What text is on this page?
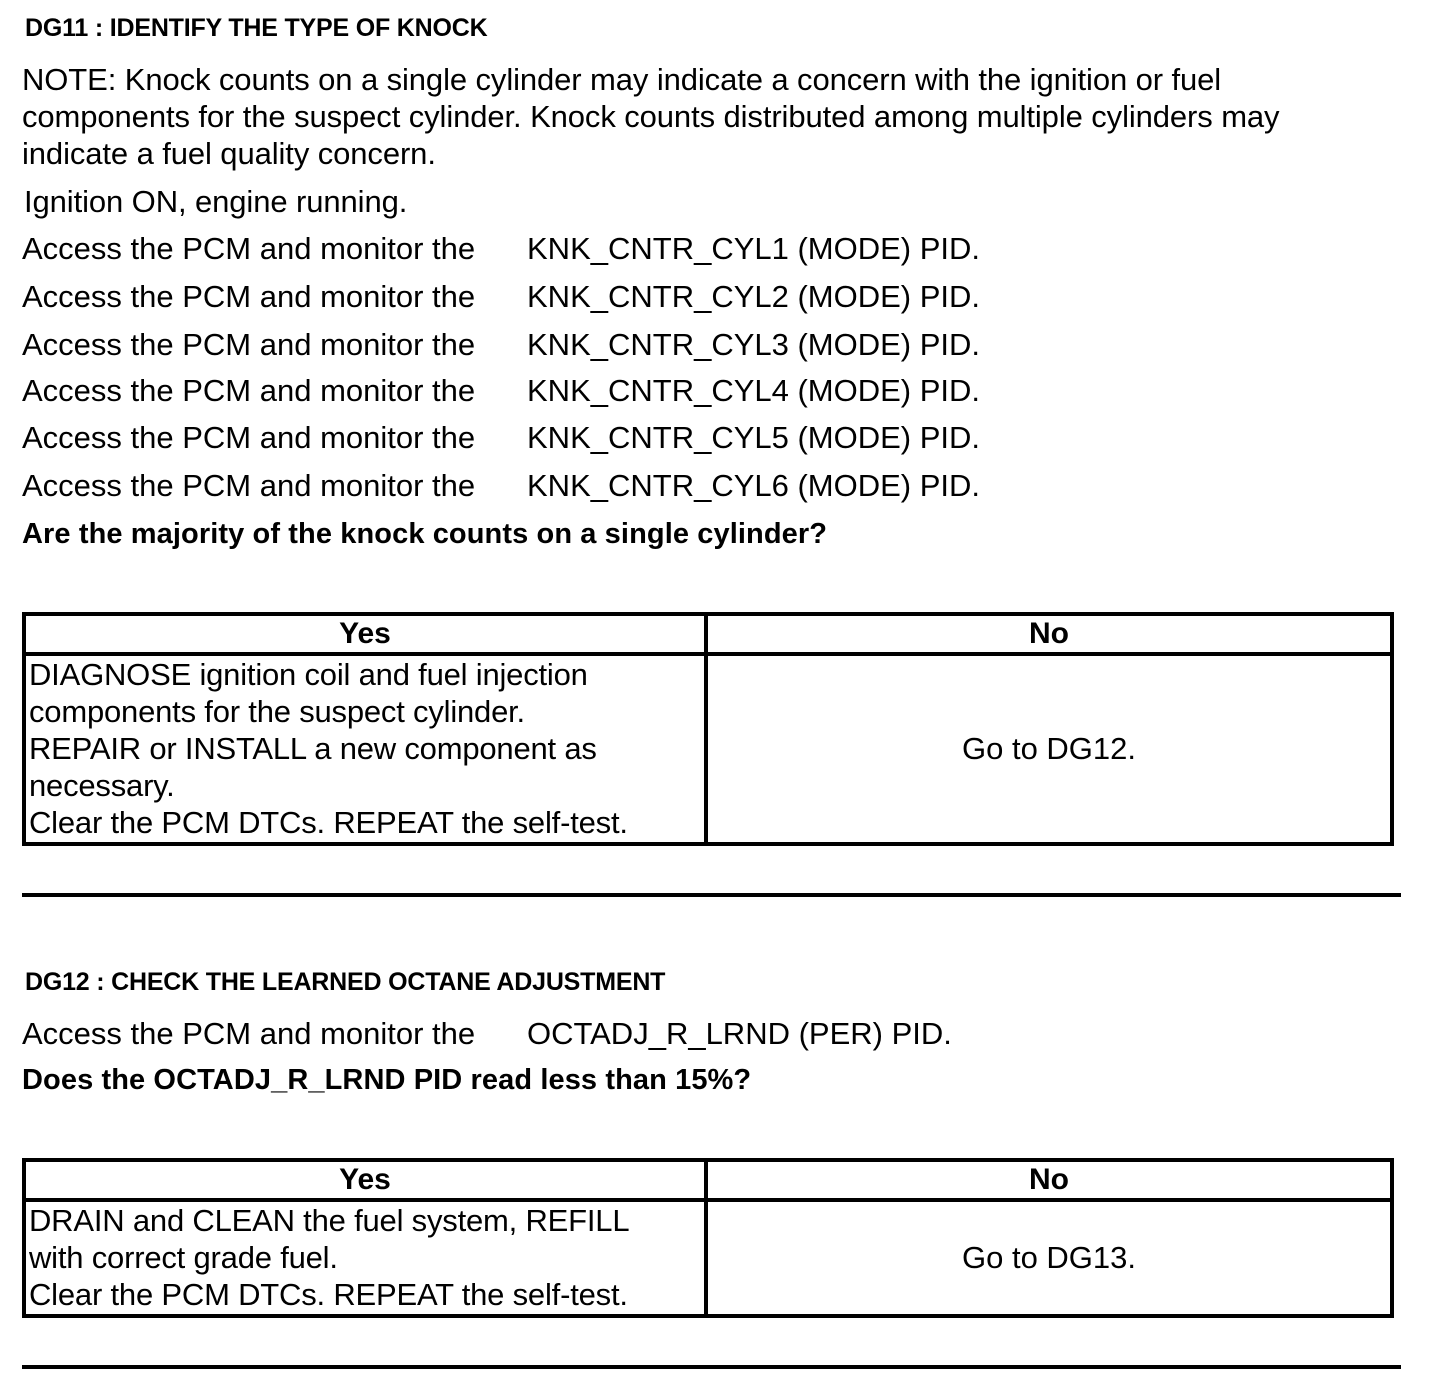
DG11 : IDENTIFY THE TYPE OF KNOCK
NOTE: Knock counts on a single cylinder may indicate a concern with the ignition or fuel
components for the suspect cylinder. Knock counts distributed among multiple cylinders may
indicate a fuel quality concern.
Ignition ON, engine running.
Access the PCM and monitor the KNK_CNTR_CYL1 (MODE) PID.
Access the PCM and monitor the KNK_CNTR_CYL2 (MODE) PID.
Access the PCM and monitor the KNK_CNTR_CYL3 (MODE) PID.
Access the PCM and monitor the KNK_CNTR_CYL4 (MODE) PID.
Access the PCM and monitor the KNK_CNTR_CYL5 (MODE) PID.
Access the PCM and monitor the KNK_CNTR_CYL6 (MODE) PID.
Are the majority of the knock counts on a single cylinder?
Yes	No

DIAGNOSE ignition coil and fuel injection
components for the suspect cylinder.
REPAIR or INSTALL a new component as
necessary.
Clear the PCM DTCs. REPEAT the self-test.	Go to DG12.
DG12 : CHECK THE LEARNED OCTANE ADJUSTMENT
Access the PCM and monitor the OCTADJ_R_LRND (PER) PID.
Does the OCTADJ_R_LRND PID read less than 15%?
Yes	No

DRAIN and CLEAN the fuel system, REFILL
with correct grade fuel.
Clear the PCM DTCs. REPEAT the self-test.	Go to DG13.
